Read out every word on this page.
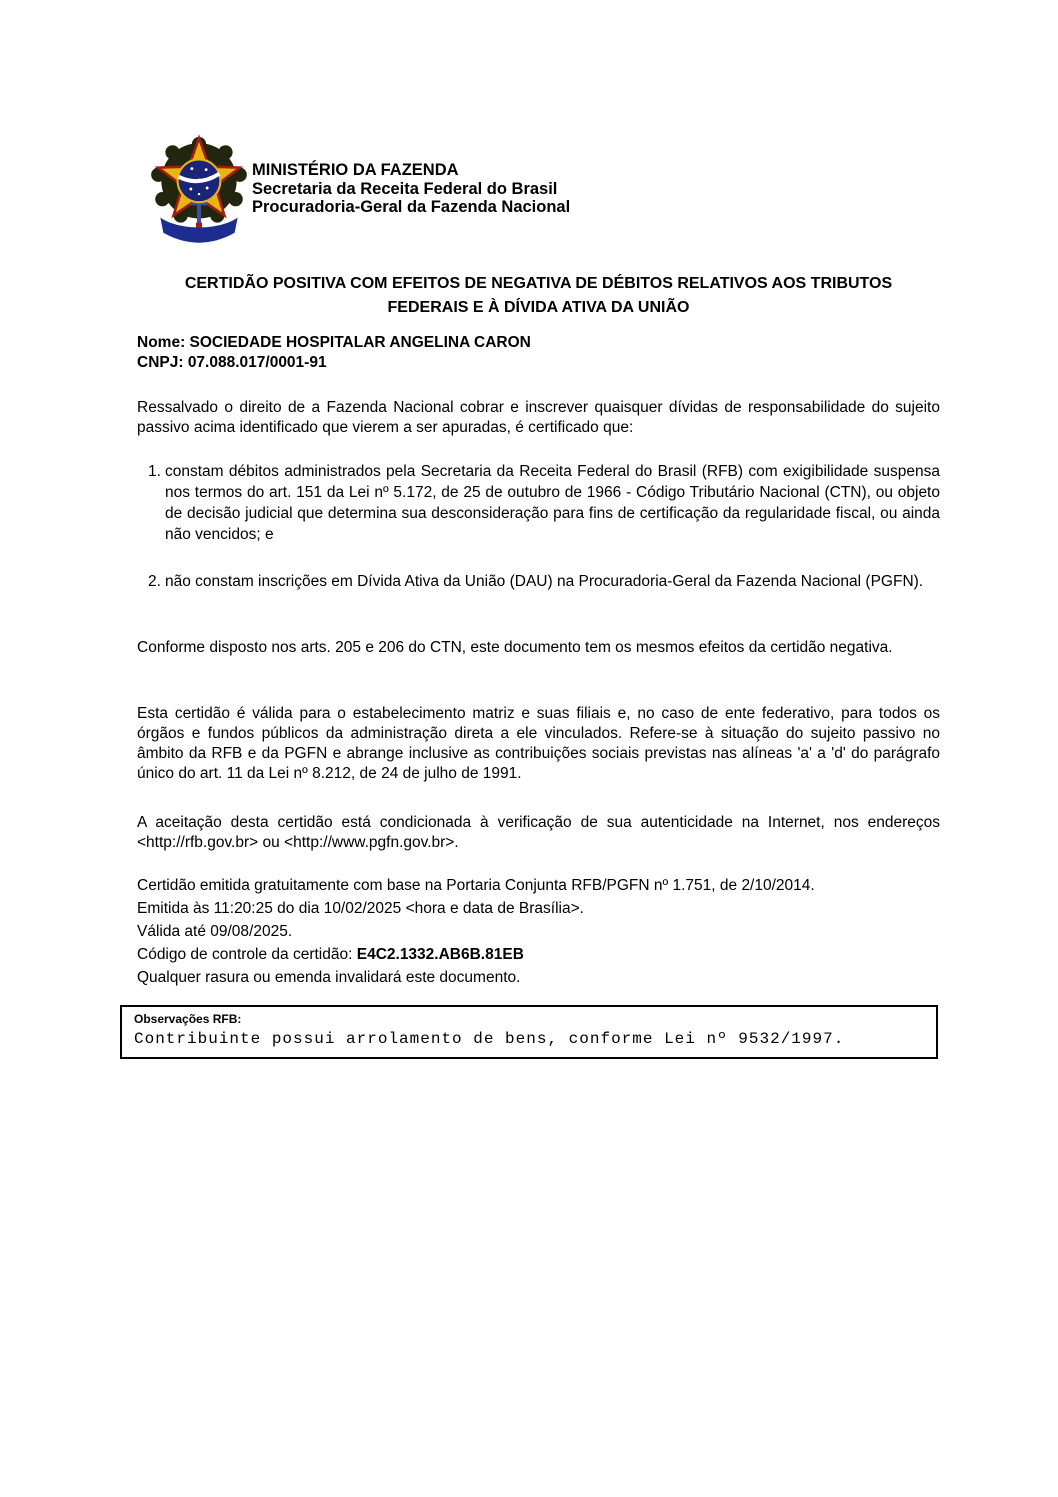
MINISTÉRIO DA FAZENDA
Secretaria da Receita Federal do Brasil
Procuradoria-Geral da Fazenda Nacional
CERTIDÃO POSITIVA COM EFEITOS DE NEGATIVA DE DÉBITOS RELATIVOS AOS TRIBUTOS
FEDERAIS E À DÍVIDA ATIVA DA UNIÃO
Nome: SOCIEDADE HOSPITALAR ANGELINA CARON
CNPJ: 07.088.017/0001-91
Ressalvado o direito de a Fazenda Nacional cobrar e inscrever quaisquer dívidas de responsabilidade do sujeito passivo acima identificado que vierem a ser apuradas, é certificado que:
1. constam débitos administrados pela Secretaria da Receita Federal do Brasil (RFB) com exigibilidade suspensa nos termos do art. 151 da Lei nº 5.172, de 25 de outubro de 1966 - Código Tributário Nacional (CTN), ou objeto de decisão judicial que determina sua desconsideração para fins de certificação da regularidade fiscal, ou ainda não vencidos; e
2. não constam inscrições em Dívida Ativa da União (DAU) na Procuradoria-Geral da Fazenda Nacional (PGFN).
Conforme disposto nos arts. 205 e 206 do CTN, este documento tem os mesmos efeitos da certidão negativa.
Esta certidão é válida para o estabelecimento matriz e suas filiais e, no caso de ente federativo, para todos os órgãos e fundos públicos da administração direta a ele vinculados. Refere-se à situação do sujeito passivo no âmbito da RFB e da PGFN e abrange inclusive as contribuições sociais previstas nas alíneas 'a' a 'd' do parágrafo único do art. 11 da Lei nº 8.212, de 24 de julho de 1991.
A aceitação desta certidão está condicionada à verificação de sua autenticidade na Internet, nos endereços <http://rfb.gov.br> ou <http://www.pgfn.gov.br>.
Certidão emitida gratuitamente com base na Portaria Conjunta RFB/PGFN nº 1.751, de 2/10/2014.
Emitida às 11:20:25 do dia 10/02/2025 <hora e data de Brasília>.
Válida até 09/08/2025.
Código de controle da certidão: E4C2.1332.AB6B.81EB
Qualquer rasura ou emenda invalidará este documento.
Observações RFB:
Contribuinte possui arrolamento de bens, conforme Lei nº 9532/1997.
